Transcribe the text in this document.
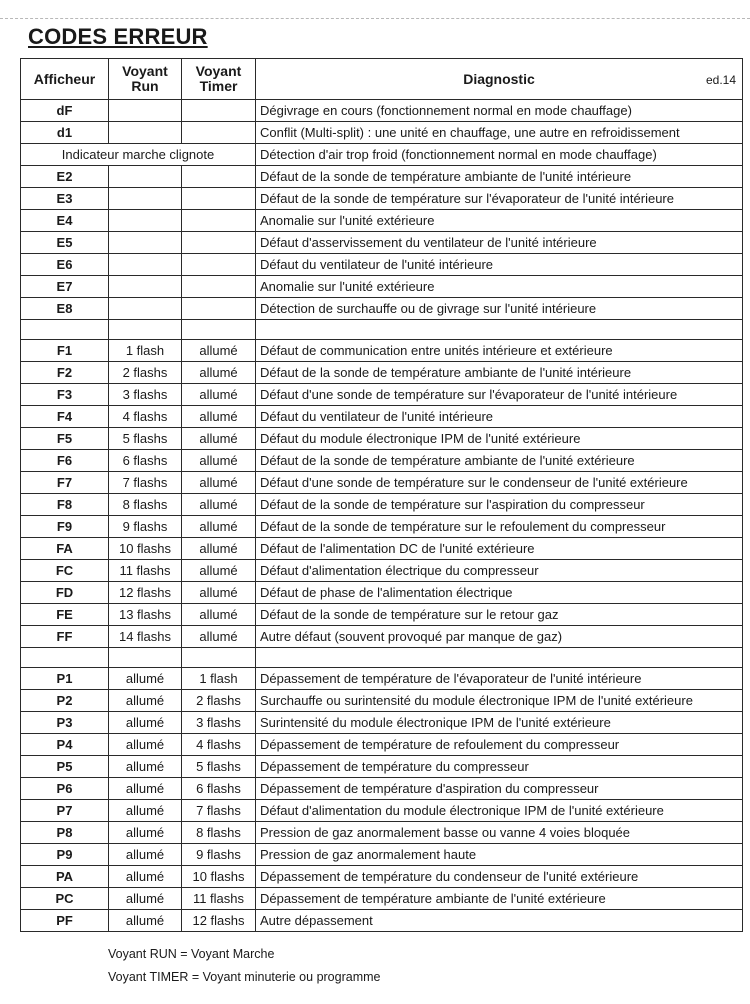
CODES ERREUR
Afficheur	Voyant Run	Voyant Timer	Diagnostic ed.14

dF			Dégivrage en cours (fonctionnement normal en mode chauffage)
d1			Conflit (Multi-split) : une unité en chauffage, une autre en refroidissement
Indicateur marche clignote			Détection d'air trop froid (fonctionnement normal en mode chauffage)
E2			Défaut de la sonde de température ambiante de l'unité intérieure
E3			Défaut de la sonde de température sur l'évaporateur de l'unité intérieure
E4			Anomalie sur l'unité extérieure
E5			Défaut d'asservissement du ventilateur de l'unité intérieure
E6			Défaut du ventilateur de l'unité intérieure
E7			Anomalie sur l'unité extérieure
E8			Détection de surchauffe ou de givrage sur l'unité intérieure

F1	1 flash	allumé	Défaut de communication entre unités intérieure et extérieure
F2	2 flashs	allumé	Défaut de la sonde de température ambiante de l'unité intérieure
F3	3 flashs	allumé	Défaut d'une sonde de température sur l'évaporateur de l'unité intérieure
F4	4 flashs	allumé	Défaut du ventilateur de l'unité intérieure
F5	5 flashs	allumé	Défaut du module électronique IPM de l'unité extérieure
F6	6 flashs	allumé	Défaut de la sonde de température ambiante de l'unité extérieure
F7	7 flashs	allumé	Défaut d'une sonde de température sur le condenseur de l'unité extérieure
F8	8 flashs	allumé	Défaut de la sonde de température sur l'aspiration du compresseur
F9	9 flashs	allumé	Défaut de la sonde de température sur le refoulement du compresseur
FA	10 flashs	allumé	Défaut de l'alimentation DC de l'unité extérieure
FC	11 flashs	allumé	Défaut d'alimentation électrique du compresseur
FD	12 flashs	allumé	Défaut de phase de l'alimentation électrique
FE	13 flashs	allumé	Défaut de la sonde de température sur le retour gaz
FF	14 flashs	allumé	Autre défaut (souvent provoqué par manque de gaz)

P1	allumé	1 flash	Dépassement de température de l'évaporateur de l'unité intérieure
P2	allumé	2 flashs	Surchauffe ou surintensité du module électronique IPM de l'unité extérieure
P3	allumé	3 flashs	Surintensité du module électronique IPM de l'unité extérieure
P4	allumé	4 flashs	Dépassement de température de refoulement du compresseur
P5	allumé	5 flashs	Dépassement de température du compresseur
P6	allumé	6 flashs	Dépassement de température d'aspiration du compresseur
P7	allumé	7 flashs	Défaut d'alimentation du module électronique IPM de l'unité extérieure
P8	allumé	8 flashs	Pression de gaz anormalement basse ou vanne 4 voies bloquée
P9	allumé	9 flashs	Pression de gaz anormalement haute
PA	allumé	10 flashs	Dépassement de température du condenseur de l'unité extérieure
PC	allumé	11 flashs	Dépassement de température ambiante de l'unité extérieure
PF	allumé	12 flashs	Autre dépassement
Voyant RUN = Voyant Marche
Voyant TIMER = Voyant minuterie ou programme
